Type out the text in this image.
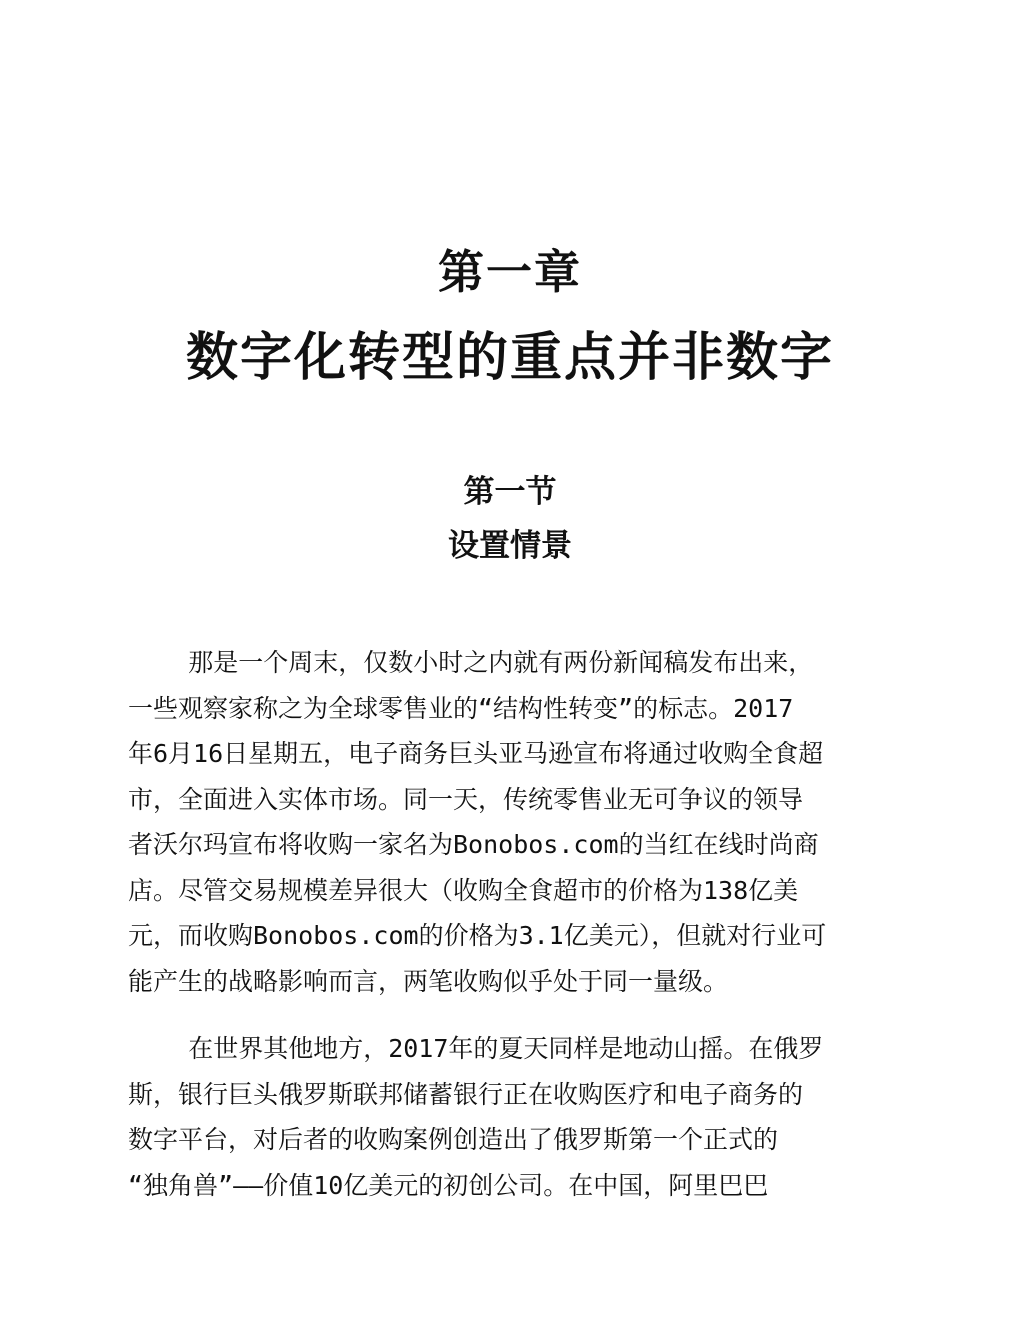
第一章
数字化转型的重点并非数字
第一节
设置情景
那是一个周末，仅数小时之内就有两份新闻稿发布出来，
一些观察家称之为全球零售业的“结构性转变”的标志。2017
年6月16日星期五，电子商务巨头亚马逊宣布将通过收购全食超
市，全面进入实体市场。同一天，传统零售业无可争议的领导
者沃尔玛宣布将收购一家名为Bonobos.com的当红在线时尚商
店。尽管交易规模差异很大（收购全食超市的价格为138亿美
元，而收购Bonobos.com的价格为3.1亿美元），但就对行业可
能产生的战略影响而言，两笔收购似乎处于同一量级。
在世界其他地方，2017年的夏天同样是地动山摇。在俄罗
斯，银行巨头俄罗斯联邦储蓄银行正在收购医疗和电子商务的
数字平台，对后者的收购案例创造出了俄罗斯第一个正式的
“独角兽”——价值10亿美元的初创公司。在中国，阿里巴巴
